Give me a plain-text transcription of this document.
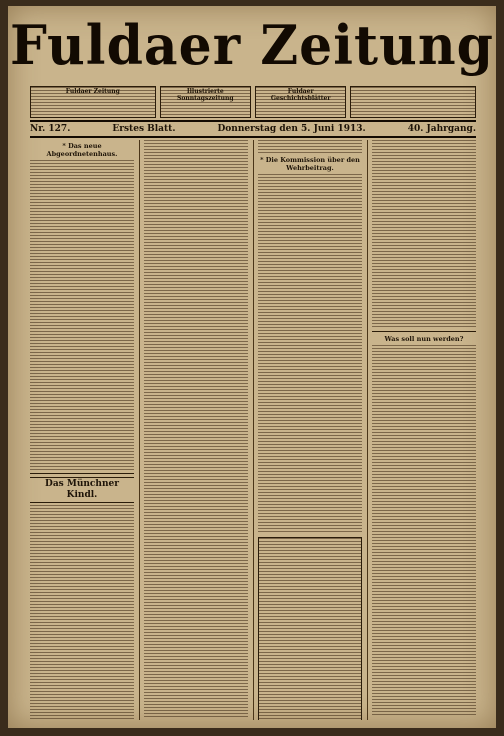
Fuldaer Zeitung
Fuldaer Zeitung	Illustrierte Sonntagszeitung
Fuldaer Geschichtsblätter
Nr. 127.	Erstes Blatt.	Donnerstag den 5. Juni 1913.	40. Jahrgang.
* Das neue Abgeordnetenhaus.
Das Münchner Kindl.
* Die Kommission über den Wehrbeitrag.
Was soll nun werden?
